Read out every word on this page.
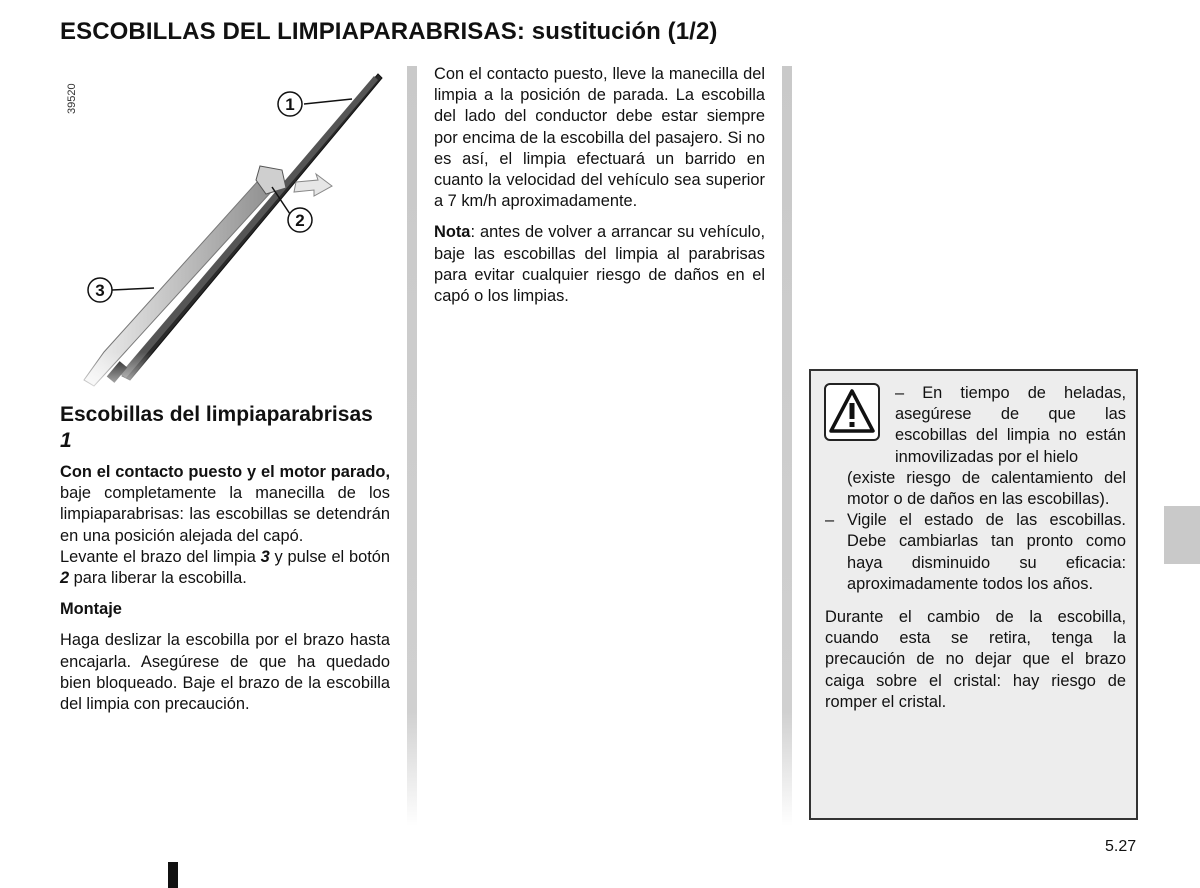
ESCOBILLAS DEL LIMPIAPARABRISAS: sustitución (1/2)
1
2
3
39520
Escobillas del limpiaparabrisas 1

Con el contacto puesto y el motor parado, baje completamente la manecilla de los limpiaparabrisas: las escobillas se detendrán en una posición alejada del capó.

Levante el brazo del limpia 3 y pulse el botón 2 para liberar la escobilla.

Montaje

Haga deslizar la escobilla por el brazo hasta encajarla. Asegúrese de que ha quedado bien bloqueado. Baje el brazo de la escobilla del limpia con precaución.

Con el contacto puesto, lleve la manecilla del limpia a la posición de parada. La escobilla del lado del conductor debe estar siempre por encima de la escobilla del pasajero. Si no es así, el limpia efectuará un barrido en cuanto la velocidad del vehículo sea superior a 7 km/h aproximadamente.

Nota: antes de volver a arrancar su vehículo, baje las escobillas del limpia al parabrisas para evitar cualquier riesgo de daños en el capó o los limpias.

– En tiempo de heladas, asegúrese de que las escobillas del limpia no están inmovilizadas por el hielo

(existe riesgo de calentamiento del motor o de daños en las escobillas).

– Vigile el estado de las escobillas. Debe cambiarlas tan pronto como haya disminuido su eficacia: aproximadamente todos los años.

Durante el cambio de la escobilla, cuando esta se retira, tenga la precaución de no dejar que el brazo caiga sobre el cristal: hay riesgo de romper el cristal.

5.27
